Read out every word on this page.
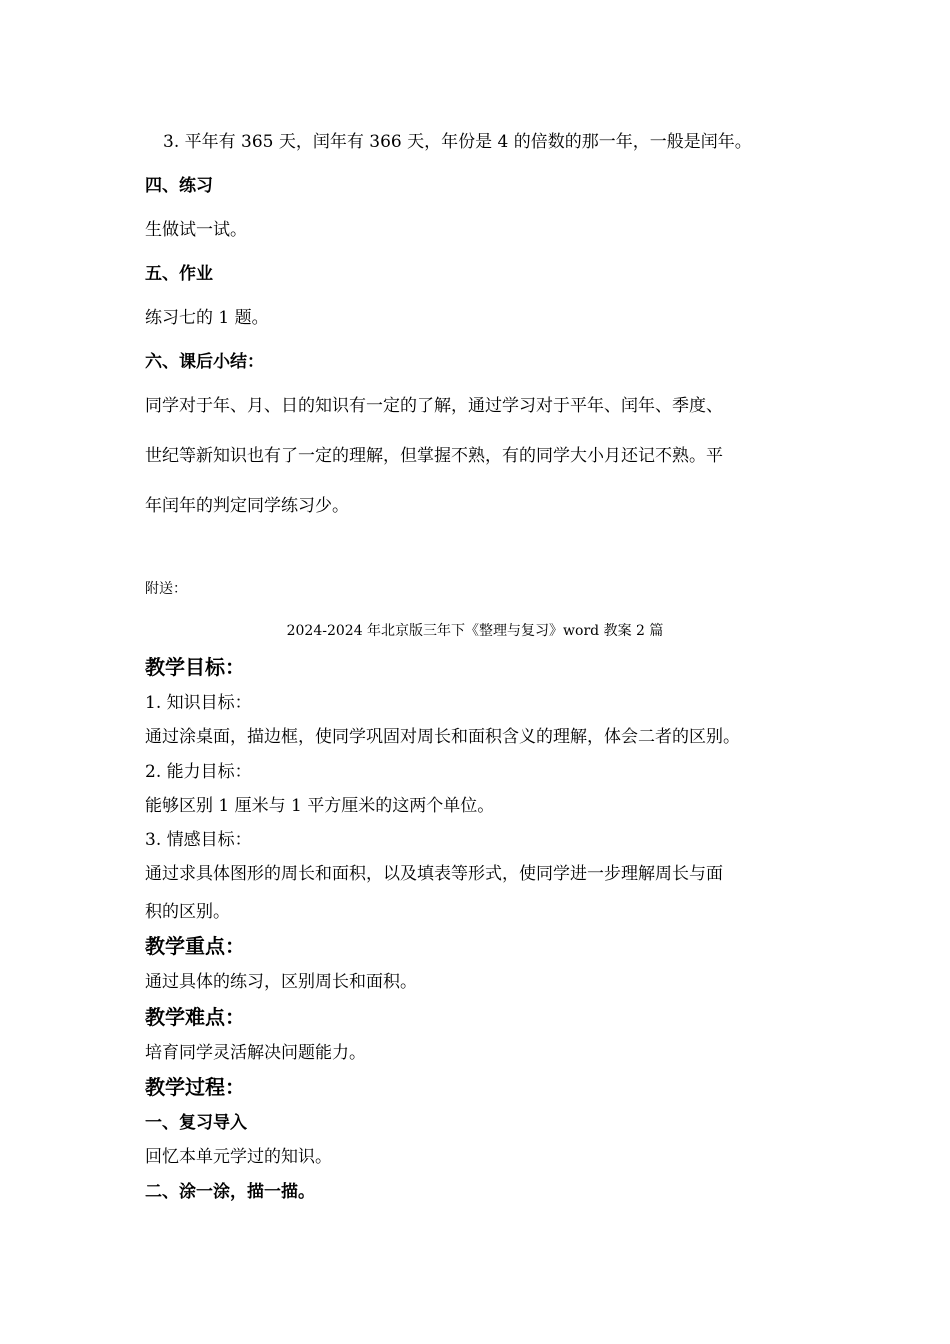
3. 平年有 365 天，闰年有 366 天，年份是 4 的倍数的那一年，一般是闰年。
四、练习
生做试一试。
五、作业
练习七的 1 题。
六、课后小结：
同学对于年、月、日的知识有一定的了解，通过学习对于平年、闰年、季度、
世纪等新知识也有了一定的理解，但掌握不熟，有的同学大小月还记不熟。平
年闰年的判定同学练习少。
附送：
2024-2024 年北京版三年下《整理与复习》word 教案 2 篇
教学目标：
1. 知识目标：
通过涂桌面，描边框，使同学巩固对周长和面积含义的理解，体会二者的区别。
2. 能力目标：
能够区别 1 厘米与 1 平方厘米的这两个单位。
3. 情感目标：
通过求具体图形的周长和面积，以及填表等形式，使同学进一步理解周长与面
积的区别。
教学重点：
通过具体的练习，区别周长和面积。
教学难点：
培育同学灵活解决问题能力。
教学过程：
一、复习导入
回忆本单元学过的知识。
二、涂一涂，描一描。
